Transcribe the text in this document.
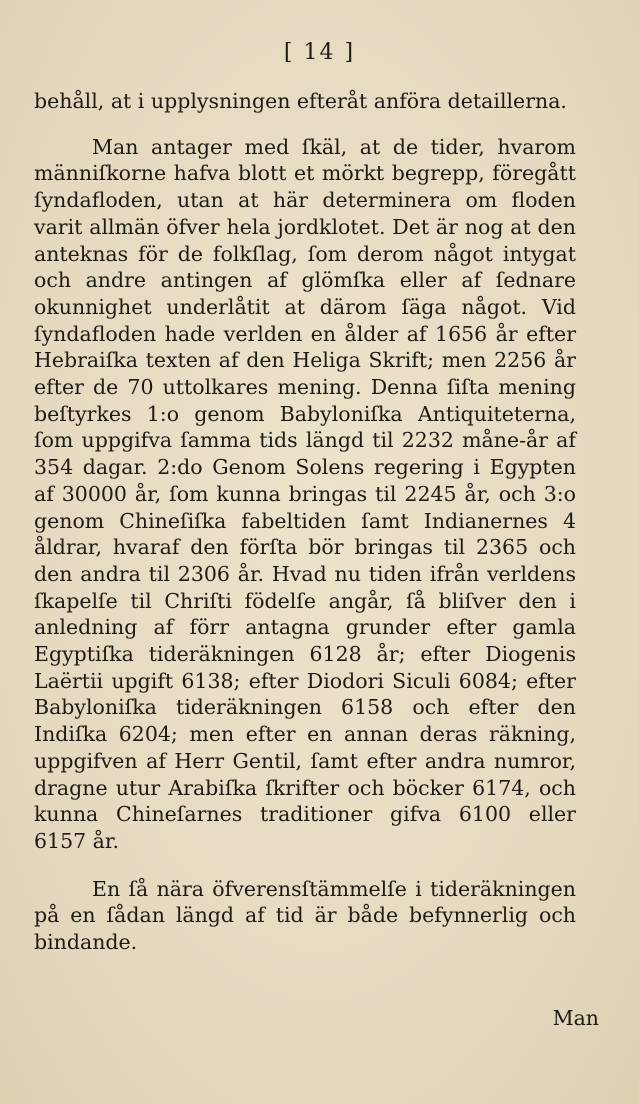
[ 14 ]

behåll, at i upplysningen efteråt anföra detaillerna.

Man antager med ſkäl, at de tider, hvarom männiſkorne hafva blott et mörkt begrepp, föregått ſyndafloden, utan at här determinera om floden varit allmän öfver hela jordklotet. Det är nog at den anteknas för de folkſlag, ſom derom något intygat och andre antingen af glömſka eller af ſednare okunnighet underlåtit at därom ſäga något. Vid ſyndafloden hade verlden en ålder af 1656 år efter Hebraiſka texten af den Heliga Skrift; men 2256 år efter de 70 uttolkares mening. Denna ſiſta mening beſtyrkes 1:o genom Babyloniſka Antiquiteterna, ſom uppgifva ſamma tids längd til 2232 måne-år af 354 dagar. 2:do Genom Solens regering i Egypten af 30000 år, ſom kunna bringas til 2245 år, och 3:o genom Chineſiſka fabeltiden ſamt Indianernes 4 åldrar, hvaraf den förſta bör bringas til 2365 och den andra til 2306 år. Hvad nu tiden ifrån verldens ſkapelſe til Chriſti födelſe angår, ſå bliſver den i anledning af förr antagna grunder efter gamla Egyptiſka tideräkningen 6128 år; efter Diogenis Laërtii upgift 6138; efter Diodori Siculi 6084; efter Babyloniſka tideräkningen 6158 och efter den Indiſka 6204; men efter en annan deras räkning, uppgifven af Herr Gentil, ſamt efter andra numror, dragne utur Arabiſka ſkrifter och böcker 6174, och kunna Chineſarnes traditioner gifva 6100 eller 6157 år.

En ſå nära öfverensſtämmelſe i tideräkningen på en ſådan längd af tid är både befynnerlig och bindande.

Man
